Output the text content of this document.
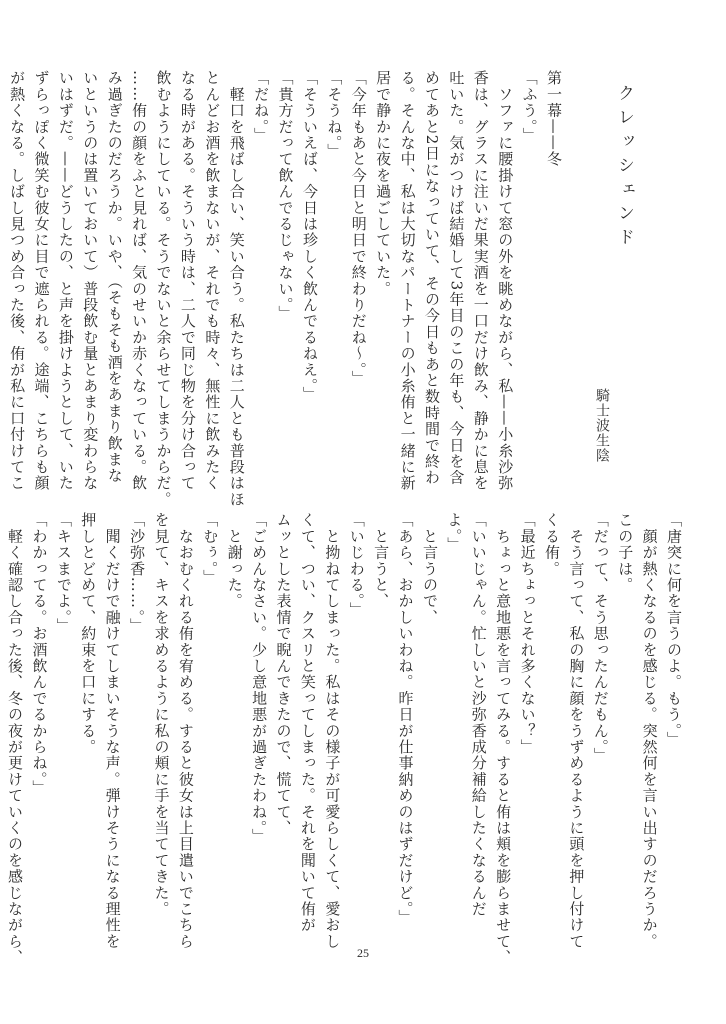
クレッシェンド
騎士波生陰
第一幕——冬
「ふう。」
　ソファに腰掛けて窓の外を眺めながら、私——小糸沙弥
香は、グラスに注いだ果実酒を一口だけ飲み、静かに息を
吐いた。気がつけば結婚して3年目のこの年も、今日を含
めてあと2日になっていて、その今日もあと数時間で終わ
る。そんな中、私は大切なパートナーの小糸侑と一緒に新
居で静かに夜を過ごしていた。
「今年もあと今日と明日で終わりだね〜。」
「そうね。」
「そういえば、今日は珍しく飲んでるねえ。」
「貴方だって飲んでるじゃない。」
「だね。」
　軽口を飛ばし合い、笑い合う。私たちは二人とも普段はほ
とんどお酒を飲まないが、それでも時々、無性に飲みたく
なる時がある。そういう時は、二人で同じ物を分け合って
飲むようにしている。そうでないと余らせてしまうからだ。
……侑の顔をふと見れば、気のせいか赤くなっている。飲
み過ぎたのだろうか。いや、（そもそも酒をあまり飲まな
いというのは置いておいて）普段飲む量とあまり変わらな
いはずだ。——どうしたの、と声を掛けようとして、いた
ずらっぽく微笑む彼女に目で遮られる。途端、こちらも顔
が熱くなる。しばし見つめ合った後、侑が私に口付けてこ
「唐突に何を言うのよ。もう。」
　顔が熱くなるのを感じる。突然何を言い出すのだろうか。
この子は。
「だって、そう思ったんだもん。」
　そう言って、私の胸に顔をうずめるように頭を押し付けて
くる侑。
「最近ちょっとそれ多くない？」
　ちょっと意地悪を言ってみる。すると侑は頬を膨らませて、
「いいじゃん。忙しいと沙弥香成分補給したくなるんだ
よ。」
　と言うので、
「あら、おかしいわね。昨日が仕事納めのはずだけど。」
　と言うと、
「いじわる。」
　と拗ねてしまった。私はその様子が可愛らしくて、愛おし
くて、つい、クスリと笑ってしまった。それを聞いて侑が
ムッとした表情で睨んできたので、慌てて、
「ごめんなさい。少し意地悪が過ぎたわね。」
　と謝った。
「むぅ。」
　なおむくれる侑を宥める。すると彼女は上目遣いでこちら
を見て、キスを求めるように私の頬に手を当ててきた。
「沙弥香……。」
　聞くだけで融けてしまいそうな声。弾けそうになる理性を
押しとどめて、約束を口にする。
「キスまでよ。」
「わかってる。お酒飲んでるからね。」
　軽く確認し合った後、冬の夜が更けていくのを感じながら、	25
